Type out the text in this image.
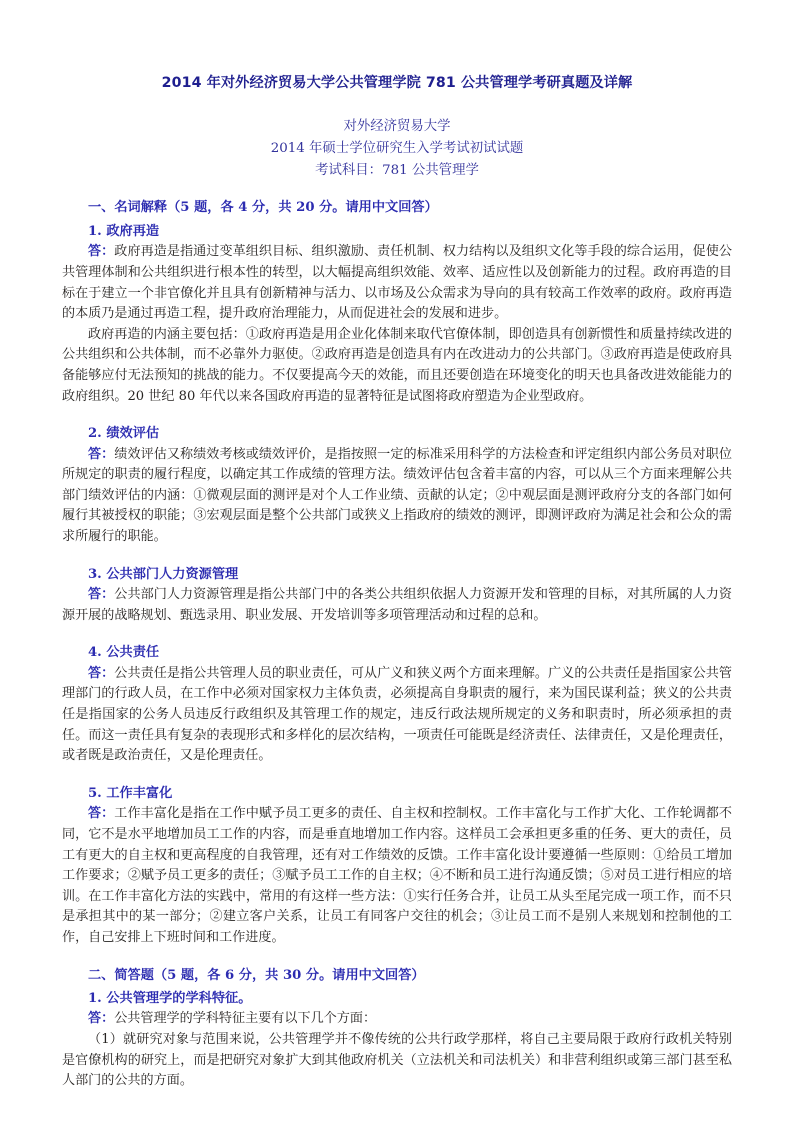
2014 年对外经济贸易大学公共管理学院 781 公共管理学考研真题及详解
对外经济贸易大学
2014 年硕士学位研究生入学考试初试试题
考试科目：781 公共管理学
一、名词解释（5 题，各 4 分，共 20 分。请用中文回答）
1. 政府再造

答：政府再造是指通过变革组织目标、组织激励、责任机制、权力结构以及组织文化等手段的综合运用，促使公共管理体制和公共组织进行根本性的转型，以大幅提高组织效能、效率、适应性以及创新能力的过程。政府再造的目标在于建立一个非官僚化并且具有创新精神与活力、以市场及公众需求为导向的具有较高工作效率的政府。政府再造的本质乃是通过再造工程，提升政府治理能力，从而促进社会的发展和进步。

政府再造的内涵主要包括：①政府再造是用企业化体制来取代官僚体制，即创造具有创新惯性和质量持续改进的公共组织和公共体制，而不必靠外力驱使。②政府再造是创造具有内在改进动力的公共部门。③政府再造是使政府具备能够应付无法预知的挑战的能力。不仅要提高今天的效能，而且还要创造在环境变化的明天也具备改进效能能力的政府组织。20 世纪 80 年代以来各国政府再造的显著特征是试图将政府塑造为企业型政府。

2. 绩效评估

答：绩效评估又称绩效考核或绩效评价，是指按照一定的标准采用科学的方法检查和评定组织内部公务员对职位所规定的职责的履行程度，以确定其工作成绩的管理方法。绩效评估包含着丰富的内容，可以从三个方面来理解公共部门绩效评估的内涵：①微观层面的测评是对个人工作业绩、贡献的认定；②中观层面是测评政府分支的各部门如何履行其被授权的职能；③宏观层面是整个公共部门或狭义上指政府的绩效的测评，即测评政府为满足社会和公众的需求所履行的职能。

3. 公共部门人力资源管理

答：公共部门人力资源管理是指公共部门中的各类公共组织依据人力资源开发和管理的目标，对其所属的人力资源开展的战略规划、甄选录用、职业发展、开发培训等多项管理活动和过程的总和。

4. 公共责任

答：公共责任是指公共管理人员的职业责任，可从广义和狭义两个方面来理解。广义的公共责任是指国家公共管理部门的行政人员，在工作中必须对国家权力主体负责，必须提高自身职责的履行，来为国民谋利益；狭义的公共责任是指国家的公务人员违反行政组织及其管理工作的规定，违反行政法规所规定的义务和职责时，所必须承担的责任。而这一责任具有复杂的表现形式和多样化的层次结构，一项责任可能既是经济责任、法律责任，又是伦理责任，或者既是政治责任，又是伦理责任。

5. 工作丰富化

答：工作丰富化是指在工作中赋予员工更多的责任、自主权和控制权。工作丰富化与工作扩大化、工作轮调都不同，它不是水平地增加员工工作的内容，而是垂直地增加工作内容。这样员工会承担更多重的任务、更大的责任，员工有更大的自主权和更高程度的自我管理，还有对工作绩效的反馈。工作丰富化设计要遵循一些原则：①给员工增加工作要求；②赋予员工更多的责任；③赋予员工工作的自主权；④不断和员工进行沟通反馈；⑤对员工进行相应的培训。在工作丰富化方法的实践中，常用的有这样一些方法：①实行任务合并，让员工从头至尾完成一项工作，而不只是承担其中的某一部分；②建立客户关系，让员工有同客户交往的机会；③让员工而不是别人来规划和控制他的工作，自己安排上下班时间和工作进度。

二、简答题（5 题，各 6 分，共 30 分。请用中文回答）
1. 公共管理学的学科特征。

答：公共管理学的学科特征主要有以下几个方面：

（1）就研究对象与范围来说，公共管理学并不像传统的公共行政学那样，将自己主要局限于政府行政机关特别是官僚机构的研究上，而是把研究对象扩大到其他政府机关（立法机关和司法机关）和非营利组织或第三部门甚至私人部门的公共的方面。
